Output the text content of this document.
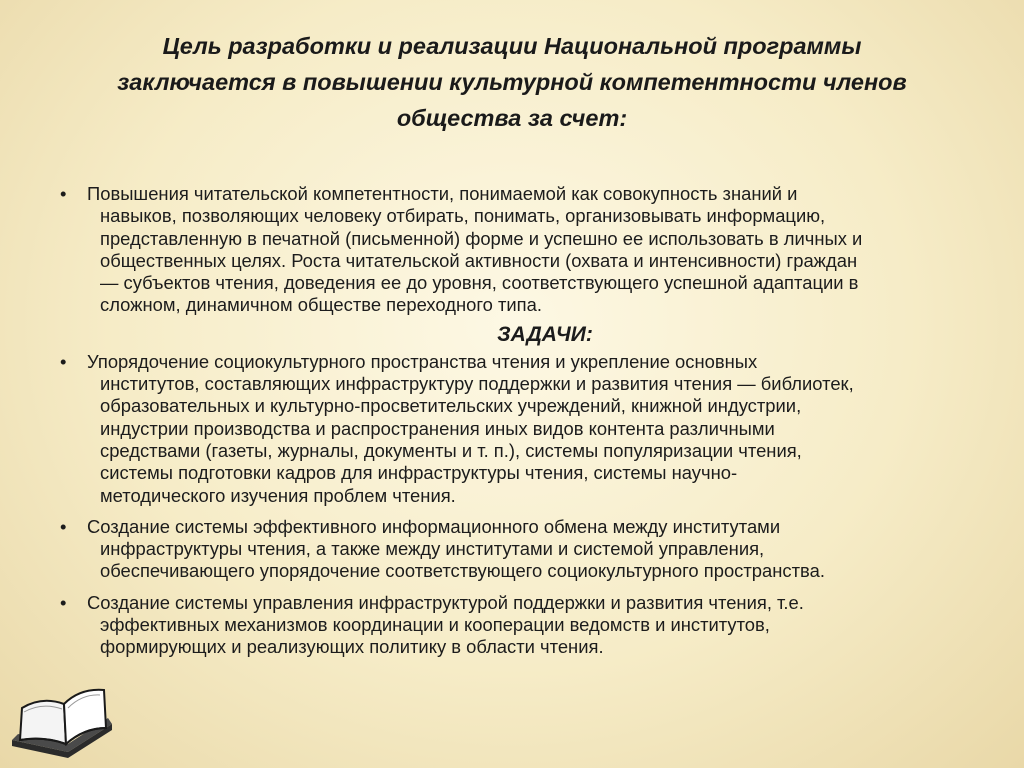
Цель разработки и реализации Национальной программы
заключается в повышении культурной компетентности членов
общества за счет:
•	Повышения читательской компетентности, понимаемой как совокупность знаний и
навыков, позволяющих человеку отбирать, понимать, организовывать информацию,
представленную в печатной (письменной) форме и успешно ее использовать в личных и
общественных целях. Роста читательской активности (охвата и интенсивности) граждан
— субъектов чтения, доведения ее до уровня, соответствующего успешной адаптации в
сложном, динамичном обществе переходного типа.
ЗАДАЧИ:
•	Упорядочение социокультурного пространства чтения и укрепление основных
институтов, составляющих инфраструктуру поддержки и развития чтения — библиотек,
образовательных и культурно-просветительских учреждений, книжной индустрии,
индустрии производства и распространения иных видов контента различными
средствами (газеты, журналы, документы и т. п.), системы популяризации чтения,
системы подготовки кадров для инфраструктуры чтения, системы научно-
методического изучения проблем чтения.
•	Создание системы эффективного информационного обмена между институтами
инфраструктуры чтения, а также между институтами и системой управления,
обеспечивающего упорядочение соответствующего социокультурного пространства.
•	Создание системы управления инфраструктурой поддержки и развития чтения, т.е.
эффективных механизмов координации и кооперации ведомств и институтов,
формирующих и реализующих политику в области чтения.
